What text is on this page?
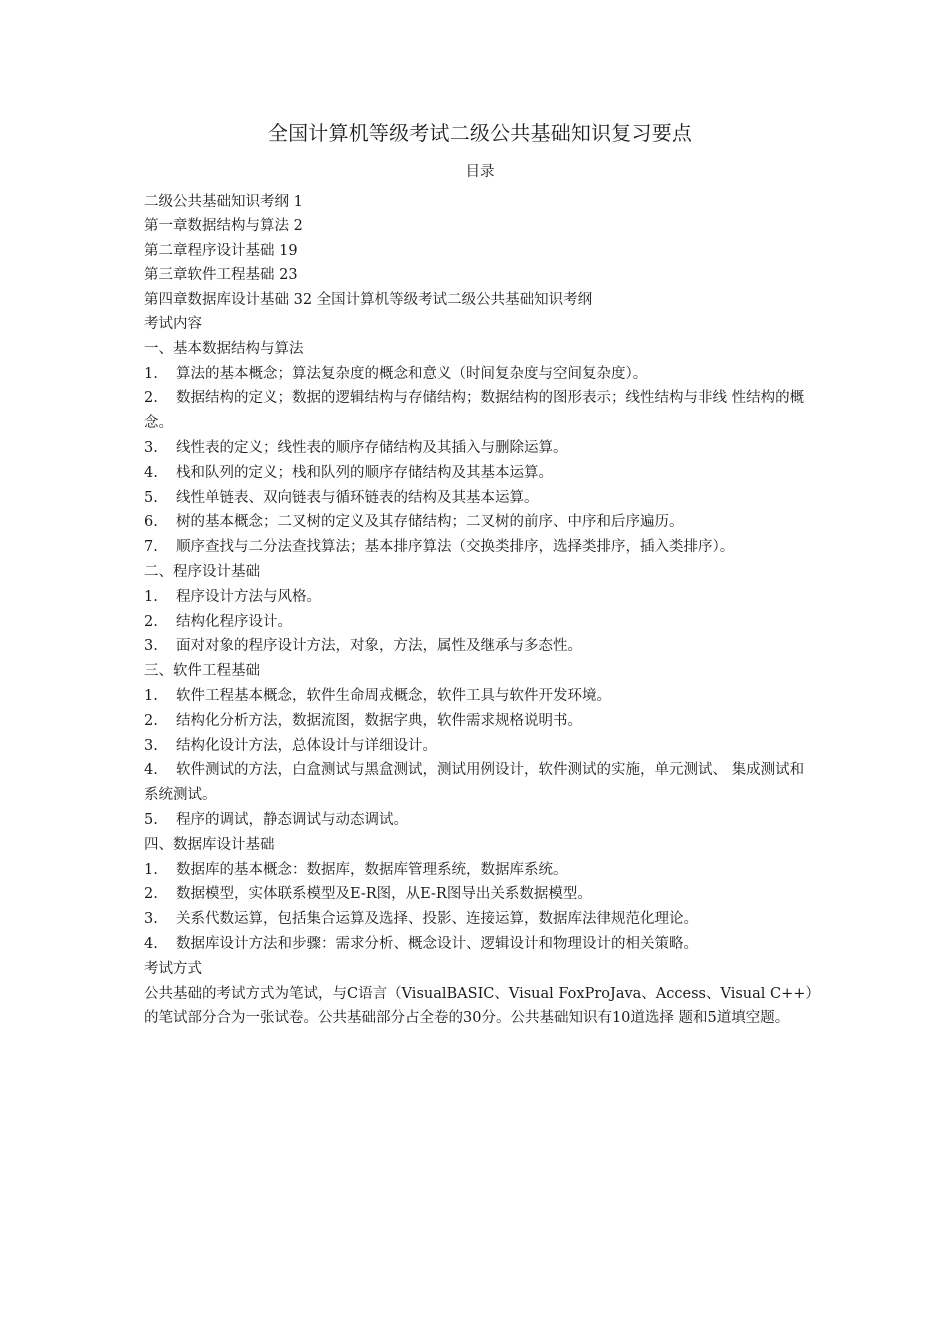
全国计算机等级考试二级公共基础知识复习要点

目录

二级公共基础知识考纲 1

第一章数据结构与算法 2

第二章程序设计基础 19

第三章软件工程基础 23

第四章数据库设计基础 32 全国计算机等级考试二级公共基础知识考纲

考试内容

一、基本数据结构与算法

1. 算法的基本概念；算法复杂度的概念和意义（时间复杂度与空间复杂度）。

2. 数据结构的定义；数据的逻辑结构与存储结构；数据结构的图形表示；线性结构与非线 性结构的概念。

3. 线性表的定义；线性表的顺序存储结构及其插入与删除运算。

4. 栈和队列的定义；栈和队列的顺序存储结构及其基本运算。

5. 线性单链表、双向链表与循环链表的结构及其基本运算。

6. 树的基本概念；二叉树的定义及其存储结构；二叉树的前序、中序和后序遍历。

7. 顺序查找与二分法查找算法；基本排序算法（交换类排序，选择类排序，插入类排序）。

二、程序设计基础

1. 程序设计方法与风格。

2. 结构化程序设计。

3. 面对对象的程序设计方法，对象，方法，属性及继承与多态性。

三、软件工程基础

1. 软件工程基本概念，软件生命周戎概念，软件工具与软件开发环境。

2. 结构化分析方法，数据流图，数据字典，软件需求规格说明书。

3. 结构化设计方法，总体设计与详细设计。

4. 软件测试的方法，白盒测试与黑盒测试，测试用例设计，软件测试的实施，单元测试、 集成测试和系统测试。

5. 程序的调试，静态调试与动态调试。

四、数据库设计基础

1. 数据库的基本概念：数据库，数据库管理系统，数据库系统。

2. 数据模型，实体联系模型及E-R图，从E-R图导出关系数据模型。

3. 关系代数运算，包括集合运算及选择、投影、连接运算，数据库法律规范化理论。

4. 数据库设计方法和步骤：需求分析、概念设计、逻辑设计和物理设计的相关策略。

考试方式

公共基础的考试方式为笔试，与C语言（VisualBASIC、Visual FoxProJava、Access、Visual C++）的笔试部分合为一张试卷。公共基础部分占全卷的30分。公共基础知识有10道选择 题和5道填空题。
